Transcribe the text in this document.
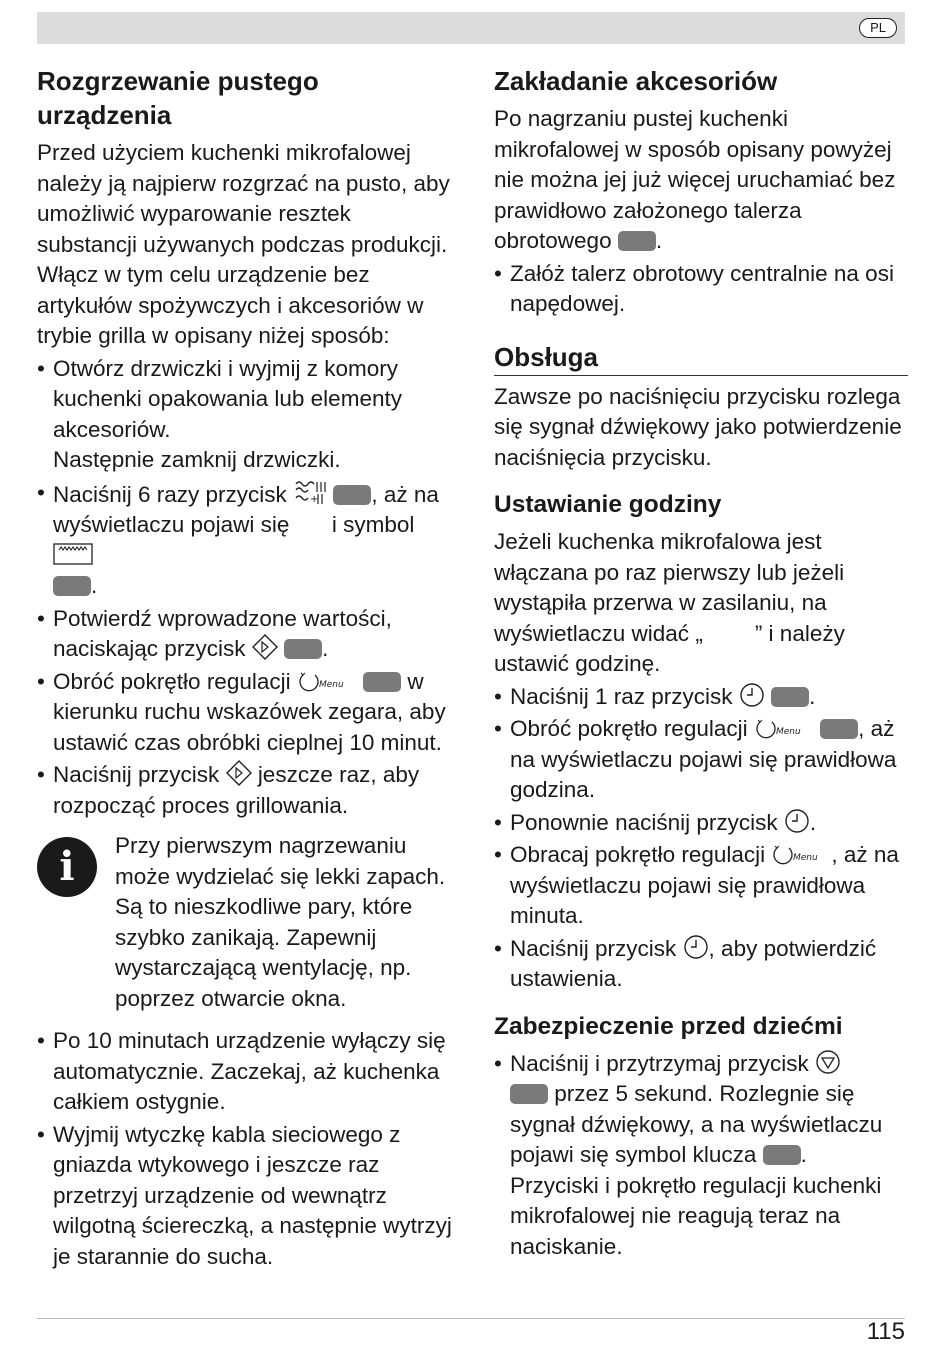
PL
Rozgrzewanie pustego urządzenia

Przed użyciem kuchenki mikrofalowej należy ją najpierw rozgrzać na pusto, aby umożliwić wyparowanie resztek substancji używanych podczas produkcji. Włącz w tym celu urządzenie bez artykułów spożywczych i akcesoriów w trybie grilla w opisany niżej sposób:

• Otwórz drzwiczki i wyjmij z komory kuchenki opakowania lub elementy akcesoriów.
Następnie zamknij drzwiczki.
• Naciśnij 6 razy przycisk + , aż na wyświetlaczu pojawi się i symbol
.
• Potwierdź wprowadzone wartości, naciskając przycisk	.
• Obróć pokrętło regulacji	Menu	w kierunku ruchu wskazówek zegara, aby ustawić czas obróbki cieplnej 10 minut.
• Naciśnij przycisk jeszcze raz, aby rozpocząć proces grillowania.
i	Przy pierwszym nagrzewaniu może wydzielać się lekki zapach. Są to nieszkodliwe pary, które szybko zanikają. Zapewnij wystarczającą wentylację, np. poprzez otwarcie okna.

• Po 10 minutach urządzenie wyłączy się automatycznie. Zaczekaj, aż kuchenka całkiem ostygnie.
• Wyjmij wtyczkę kabla sieciowego z gniazda wtykowego i jeszcze raz przetrzyj urządzenie od wewnątrz wilgotną ściereczką, a następnie wytrzyj je starannie do sucha.
Zakładanie akcesoriów

Po nagrzaniu pustej kuchenki mikrofalowej w sposób opisany powyżej nie można jej już więcej uruchamiać bez prawidłowo założonego talerza obrotowego .

• Załóż talerz obrotowy centralnie na osi napędowej.
Obsługa

Zawsze po naciśnięciu przycisku rozlega się sygnał dźwiękowy jako potwierdzenie naciśnięcia przycisku.

Ustawianie godziny

Jeżeli kuchenka mikrofalowa jest włączana po raz pierwszy lub jeżeli wystąpiła przerwa w zasilaniu, na wyświetlaczu widać „ ” i należy ustawić godzinę.

• Naciśnij 1 raz przycisk	.
• Obróć pokrętło regulacji	Menu	, aż na wyświetlaczu pojawi się prawidłowa godzina.
• Ponownie naciśnij przycisk .
• Obracaj pokrętło regulacji	Menu , aż na wyświetlaczu pojawi się prawidłowa minuta.
• Naciśnij przycisk , aby potwierdzić ustawienia.
Zabezpieczenie przed dziećmi
• Naciśnij i przytrzymaj przycisk
przez 5 sekund. Rozlegnie się sygnał dźwiękowy, a na wyświetlaczu pojawi się symbol klucza .
Przyciski i pokrętło regulacji kuchenki mikrofalowej nie reagują teraz na naciskanie.
115
